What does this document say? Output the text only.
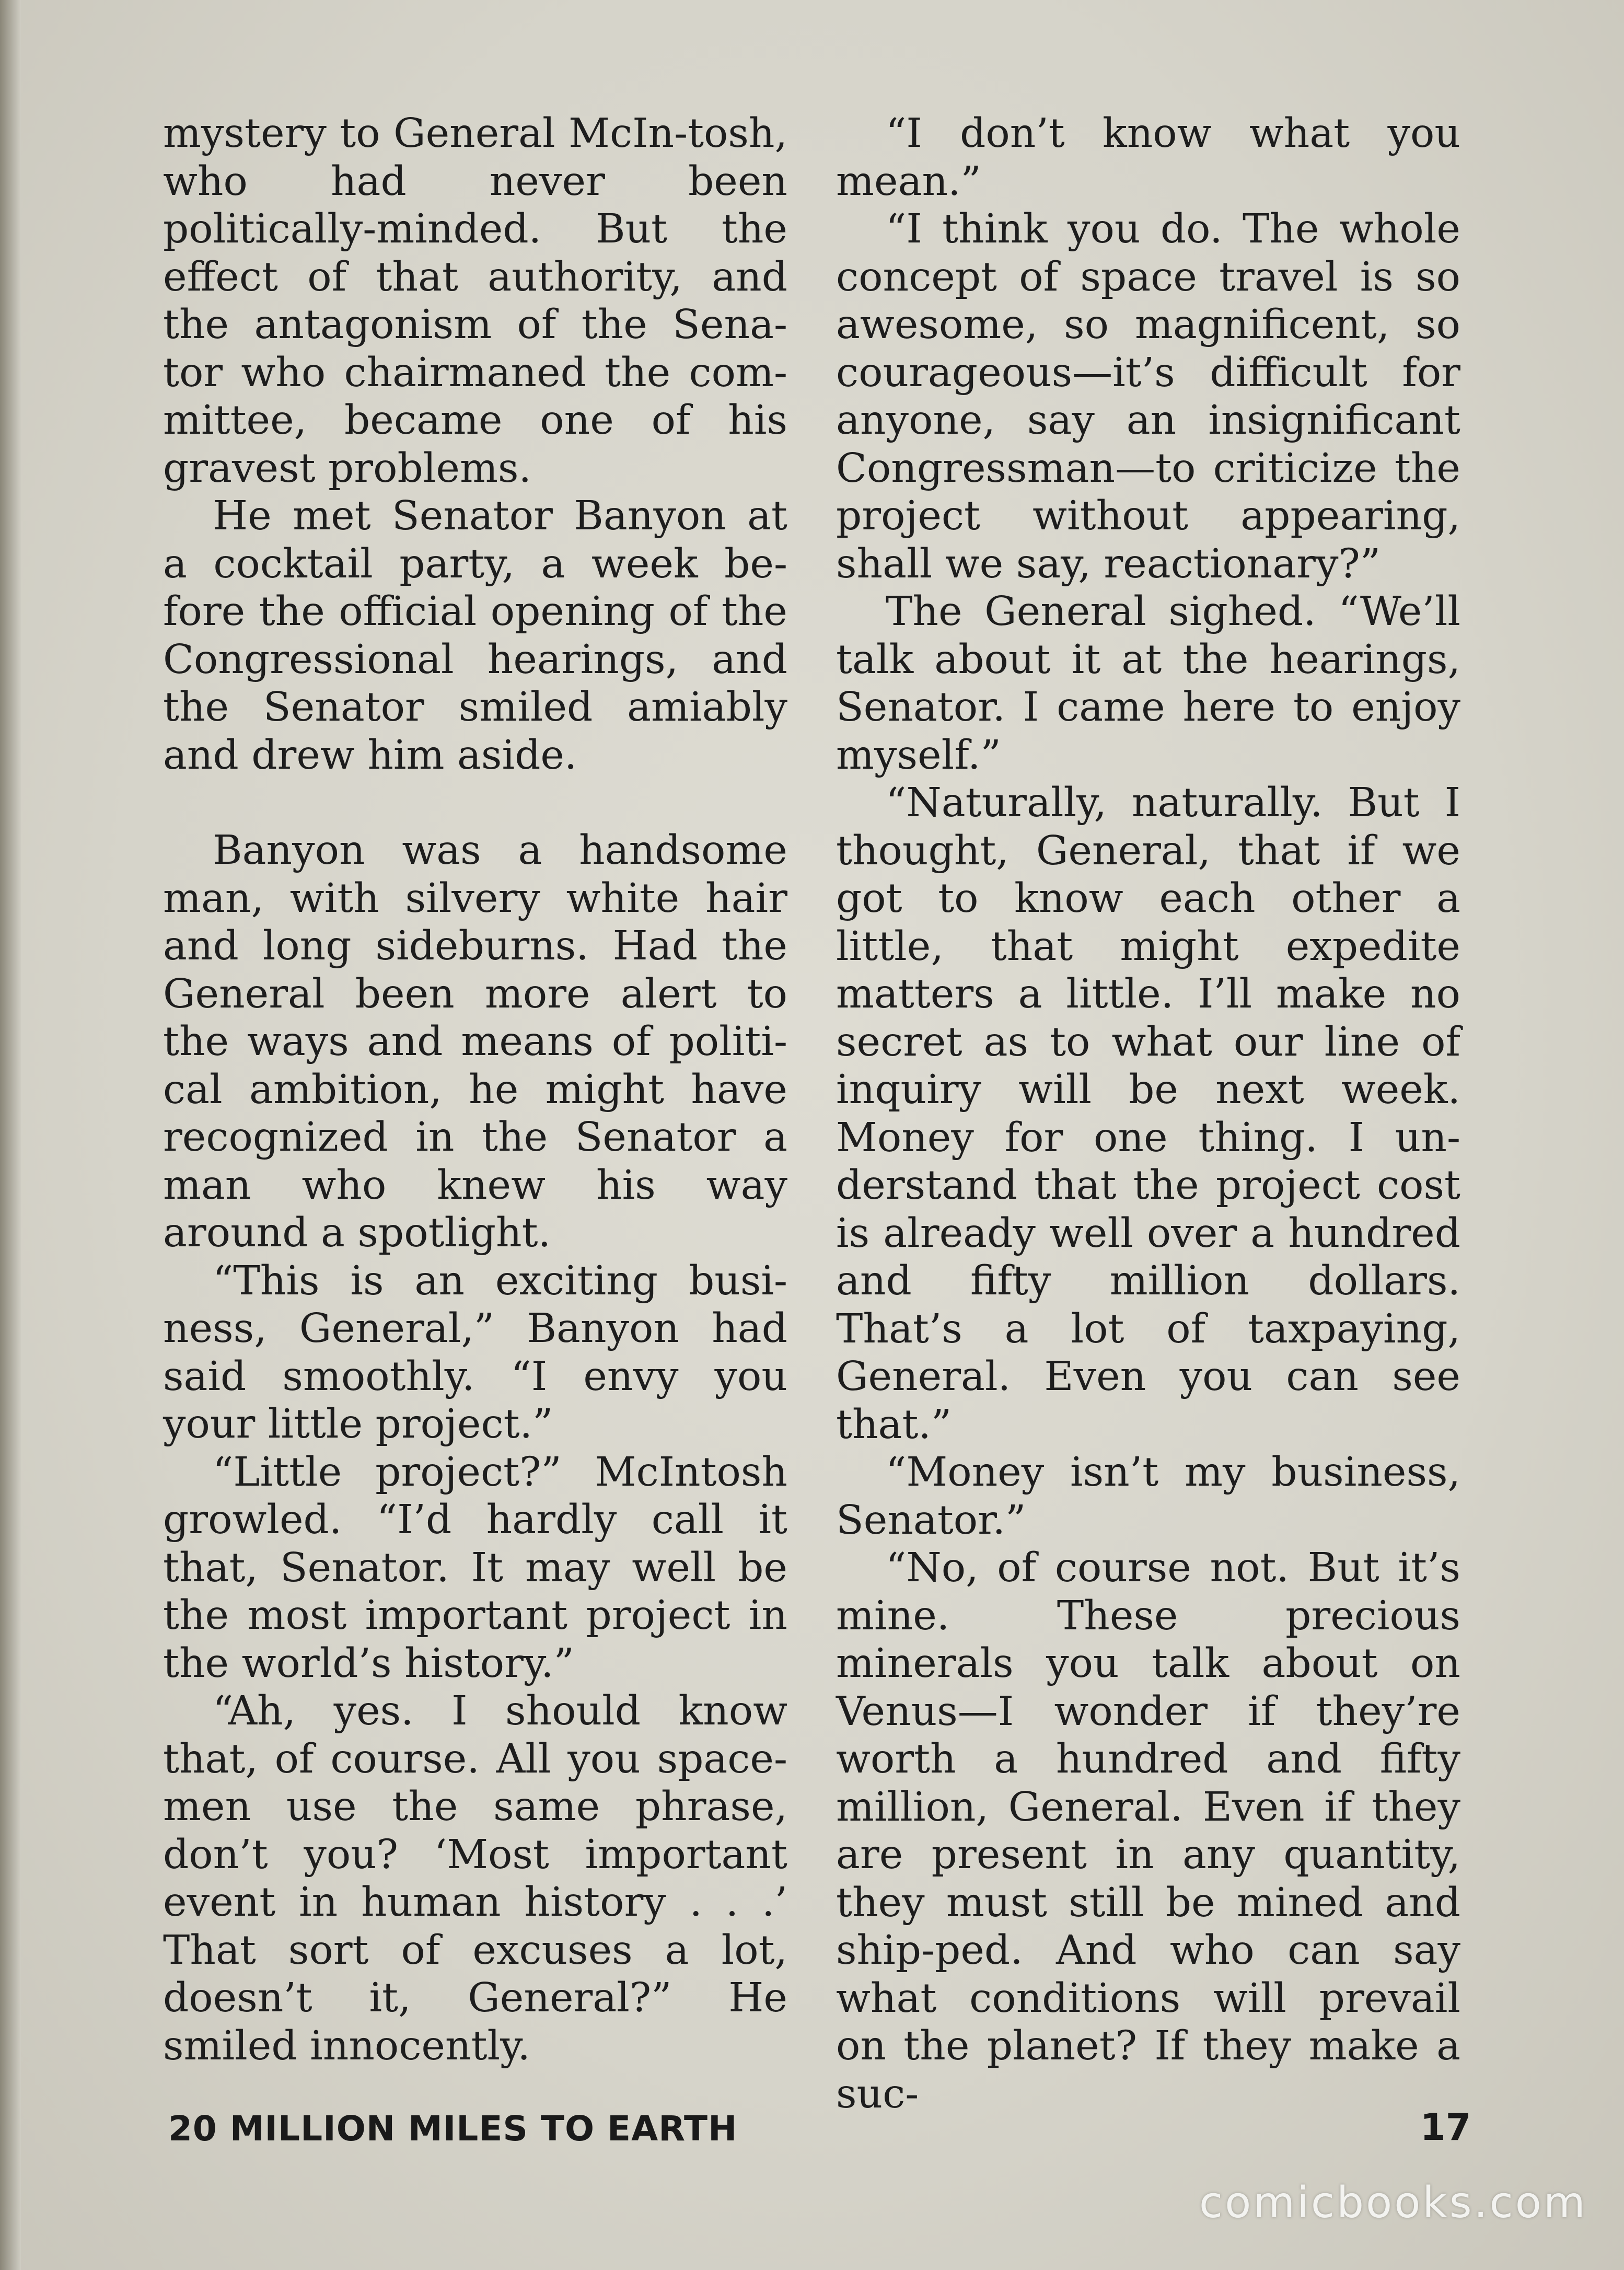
mystery to General McIn-tosh, who had never been politically-minded. But the effect of that authority, and the antagonism of the Sena-tor who chairmaned the com-mittee, became one of his gravest problems.

He met Senator Banyon at a cocktail party, a week be-fore the official opening of the Congressional hearings, and the Senator smiled amiably and drew him aside.

Banyon was a handsome man, with silvery white hair and long sideburns. Had the General been more alert to the ways and means of politi-cal ambition, he might have recognized in the Senator a man who knew his way around a spotlight.

“This is an exciting busi-ness, General,” Banyon had said smoothly. “I envy you your little project.”

“Little project?” McIntosh growled. “I’d hardly call it that, Senator. It may well be the most important project in the world’s history.”

“Ah, yes. I should know that, of course. All you space-men use the same phrase, don’t you? ‘Most important event in human history . . .’ That sort of excuses a lot, doesn’t it, General?” He smiled innocently.

“I don’t know what you mean.”

“I think you do. The whole concept of space travel is so awesome, so magnificent, so courageous—it’s difficult for anyone, say an insignificant Congressman—to criticize the project without appearing, shall we say, reactionary?”

The General sighed. “We’ll talk about it at the hearings, Senator. I came here to enjoy myself.”

“Naturally, naturally. But I thought, General, that if we got to know each other a little, that might expedite matters a little. I’ll make no secret as to what our line of inquiry will be next week. Money for one thing. I un-derstand that the project cost is already well over a hundred and fifty million dollars. That’s a lot of taxpaying, General. Even you can see that.”

“Money isn’t my business, Senator.”

“No, of course not. But it’s mine. These precious minerals you talk about on Venus—I wonder if they’re worth a hundred and fifty million, General. Even if they are present in any quantity, they must still be mined and ship-ped. And who can say what conditions will prevail on the planet? If they make a suc-

20 MILLION MILES TO EARTH	17
comicbooks.com
